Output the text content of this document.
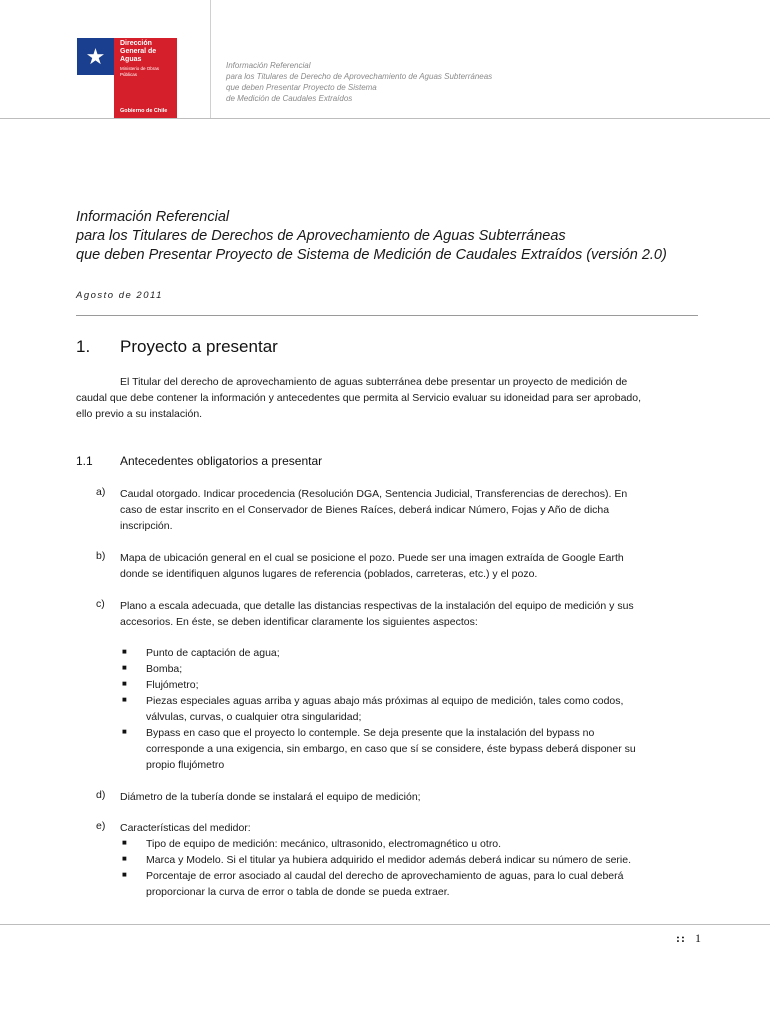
★
Dirección
General de
Aguas
Ministerio de Obras
Públicas
Gobierno de Chile
Información Referencial
para los Titulares de Derecho de Aprovechamiento de Aguas Subterráneas
que deben Presentar Proyecto de Sistema
de Medición de Caudales Extraídos
Información Referencial
para los Titulares de Derechos de Aprovechamiento de Aguas Subterráneas
que deben Presentar Proyecto de Sistema de Medición de Caudales Extraídos (versión 2.0)
Agosto de 2011
1. Proyecto a presentar
El Titular del derecho de aprovechamiento de aguas subterránea debe presentar un proyecto de medición de
caudal que debe contener la información y antecedentes que permita al Servicio evaluar su idoneidad para ser aprobado,
ello previo a su instalación.
1.1 Antecedentes obligatorios a presentar
a) Caudal otorgado. Indicar procedencia (Resolución DGA, Sentencia Judicial, Transferencias de derechos). En
caso de estar inscrito en el Conservador de Bienes Raíces, deberá indicar Número, Fojas y Año de dicha
inscripción.
b) Mapa de ubicación general en el cual se posicione el pozo. Puede ser una imagen extraída de Google Earth
donde se identifiquen algunos lugares de referencia (poblados, carreteras, etc.) y el pozo.
c) Plano a escala adecuada, que detalle las distancias respectivas de la instalación del equipo de medición y sus
accesorios. En éste, se deben identificar claramente los siguientes aspectos:
■ Punto de captación de agua;
■ Bomba;
■ Flujómetro;
■ Piezas especiales aguas arriba y aguas abajo más próximas al equipo de medición, tales como codos,
válvulas, curvas, o cualquier otra singularidad;
■ Bypass en caso que el proyecto lo contemple. Se deja presente que la instalación del bypass no
corresponde a una exigencia, sin embargo, en caso que sí se considere, éste bypass deberá disponer su
propio flujómetro
d) Diámetro de la tubería donde se instalará el equipo de medición;
e) Características del medidor:
■ Tipo de equipo de medición: mecánico, ultrasonido, electromagnético u otro.
■ Marca y Modelo. Si el titular ya hubiera adquirido el medidor además deberá indicar su número de serie.
■ Porcentaje de error asociado al caudal del derecho de aprovechamiento de aguas, para lo cual deberá
proporcionar la curva de error o tabla de donde se pueda extraer.
:: 1
